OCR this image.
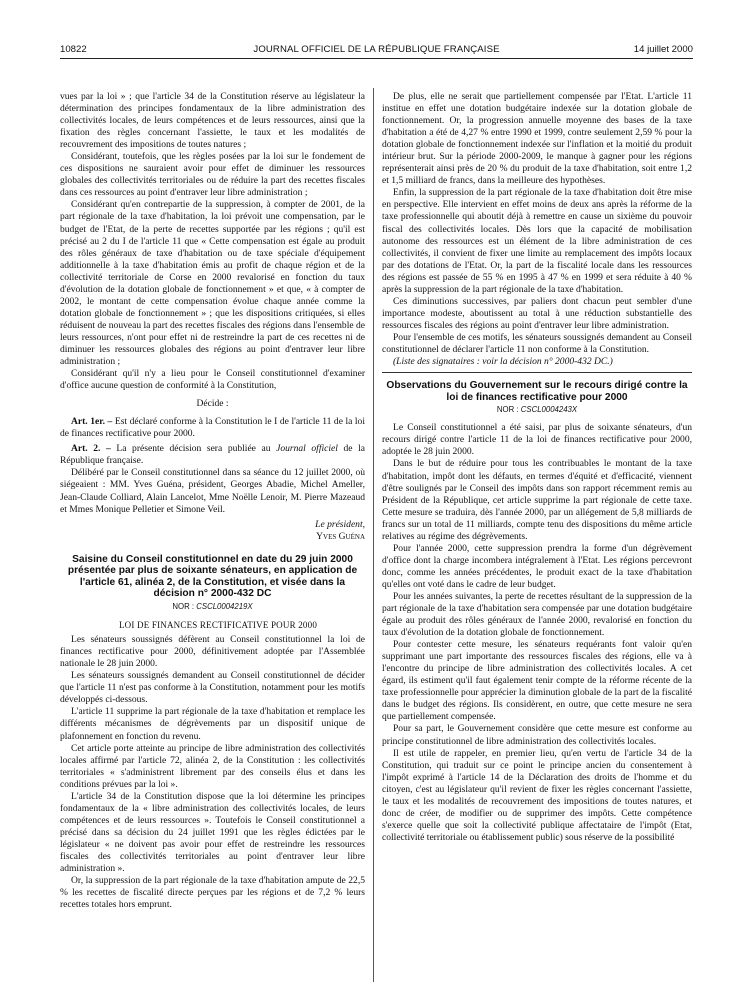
10822	JOURNAL OFFICIEL DE LA RÉPUBLIQUE FRANÇAISE	14 juillet 2000

vues par la loi » ; que l'article 34 de la Constitution réserve au législateur la détermination des principes fondamentaux de la libre administration des collectivités locales, de leurs compétences et de leurs ressources, ainsi que la fixation des règles concernant l'assiette, le taux et les modalités de recouvrement des impositions de toutes natures ;

Considérant, toutefois, que les règles posées par la loi sur le fondement de ces dispositions ne sauraient avoir pour effet de diminuer les ressources globales des collectivités territoriales ou de réduire la part des recettes fiscales dans ces ressources au point d'entraver leur libre administration ;

Considérant qu'en contrepartie de la suppression, à compter de 2001, de la part régionale de la taxe d'habitation, la loi prévoit une compensation, par le budget de l'Etat, de la perte de recettes supportée par les régions ; qu'il est précisé au 2 du I de l'article 11 que « Cette compensation est égale au produit des rôles généraux de taxe d'habitation ou de taxe spéciale d'équipement additionnelle à la taxe d'habitation émis au profit de chaque région et de la collectivité territoriale de Corse en 2000 revalorisé en fonction du taux d'évolution de la dotation globale de fonctionnement » et que, « à compter de 2002, le montant de cette compensation évolue chaque année comme la dotation globale de fonctionnement » ; que les dispositions critiquées, si elles réduisent de nouveau la part des recettes fiscales des régions dans l'ensemble de leurs ressources, n'ont pour effet ni de restreindre la part de ces recettes ni de diminuer les ressources globales des régions au point d'entraver leur libre administration ;

Considérant qu'il n'y a lieu pour le Conseil constitutionnel d'examiner d'office aucune question de conformité à la Constitution,

Décide :

Art. 1er. – Est déclaré conforme à la Constitution le I de l'article 11 de la loi de finances rectificative pour 2000.

Art. 2. – La présente décision sera publiée au Journal officiel de la République française.

Délibéré par le Conseil constitutionnel dans sa séance du 12 juillet 2000, où siégeaient : MM. Yves Guéna, président, Georges Abadie, Michel Ameller, Jean-Claude Colliard, Alain Lancelot, Mme Noëlle Lenoir, M. Pierre Mazeaud et Mmes Monique Pelletier et Simone Veil.

Le président,

Yves Guéna

Saisine du Conseil constitutionnel en date du 29 juin 2000 présentée par plus de soixante sénateurs, en application de l'article 61, alinéa 2, de la Constitution, et visée dans la décision n° 2000-432 DC

NOR : CSCL0004219X

LOI DE FINANCES RECTIFICATIVE POUR 2000

Les sénateurs soussignés défèrent au Conseil constitutionnel la loi de finances rectificative pour 2000, définitivement adoptée par l'Assemblée nationale le 28 juin 2000.

Les sénateurs soussignés demandent au Conseil constitutionnel de décider que l'article 11 n'est pas conforme à la Constitution, notamment pour les motifs développés ci-dessous.

L'article 11 supprime la part régionale de la taxe d'habitation et remplace les différents mécanismes de dégrèvements par un dispositif unique de plafonnement en fonction du revenu.

Cet article porte atteinte au principe de libre administration des collectivités locales affirmé par l'article 72, alinéa 2, de la Constitution : les collectivités territoriales « s'administrent librement par des conseils élus et dans les conditions prévues par la loi ».

L'article 34 de la Constitution dispose que la loi détermine les principes fondamentaux de la « libre administration des collectivités locales, de leurs compétences et de leurs ressources ». Toutefois le Conseil constitutionnel a précisé dans sa décision du 24 juillet 1991 que les règles édictées par le législateur « ne doivent pas avoir pour effet de restreindre les ressources fiscales des collectivités territoriales au point d'entraver leur libre administration ».

Or, la suppression de la part régionale de la taxe d'habitation ampute de 22,5 % les recettes de fiscalité directe perçues par les régions et de 7,2 % leurs recettes totales hors emprunt.

De plus, elle ne serait que partiellement compensée par l'Etat. L'article 11 institue en effet une dotation budgétaire indexée sur la dotation globale de fonctionnement. Or, la progression annuelle moyenne des bases de la taxe d'habitation a été de 4,27 % entre 1990 et 1999, contre seulement 2,59 % pour la dotation globale de fonctionnement indexée sur l'inflation et la moitié du produit intérieur brut. Sur la période 2000-2009, le manque à gagner pour les régions représenterait ainsi près de 20 % du produit de la taxe d'habitation, soit entre 1,2 et 1,5 milliard de francs, dans la meilleure des hypothèses.

Enfin, la suppression de la part régionale de la taxe d'habitation doit être mise en perspective. Elle intervient en effet moins de deux ans après la réforme de la taxe professionnelle qui aboutit déjà à remettre en cause un sixième du pouvoir fiscal des collectivités locales. Dès lors que la capacité de mobilisation autonome des ressources est un élément de la libre administration de ces collectivités, il convient de fixer une limite au remplacement des impôts locaux par des dotations de l'Etat. Or, la part de la fiscalité locale dans les ressources des régions est passée de 55 % en 1995 à 47 % en 1999 et sera réduite à 40 % après la suppression de la part régionale de la taxe d'habitation.

Ces diminutions successives, par paliers dont chacun peut sembler d'une importance modeste, aboutissent au total à une réduction substantielle des ressources fiscales des régions au point d'entraver leur libre administration.

Pour l'ensemble de ces motifs, les sénateurs soussignés demandent au Conseil constitutionnel de déclarer l'article 11 non conforme à la Constitution.

(Liste des signataires : voir la décision n° 2000-432 DC.)

Observations du Gouvernement sur le recours dirigé contre la loi de finances rectificative pour 2000

NOR : CSCL0004243X

Le Conseil constitutionnel a été saisi, par plus de soixante sénateurs, d'un recours dirigé contre l'article 11 de la loi de finances rectificative pour 2000, adoptée le 28 juin 2000.

Dans le but de réduire pour tous les contribuables le montant de la taxe d'habitation, impôt dont les défauts, en termes d'équité et d'efficacité, viennent d'être soulignés par le Conseil des impôts dans son rapport récemment remis au Président de la République, cet article supprime la part régionale de cette taxe. Cette mesure se traduira, dès l'année 2000, par un allégement de 5,8 milliards de francs sur un total de 11 milliards, compte tenu des dispositions du même article relatives au régime des dégrèvements.

Pour l'année 2000, cette suppression prendra la forme d'un dégrèvement d'office dont la charge incombera intégralement à l'Etat. Les régions percevront donc, comme les années précédentes, le produit exact de la taxe d'habitation qu'elles ont voté dans le cadre de leur budget.

Pour les années suivantes, la perte de recettes résultant de la suppression de la part régionale de la taxe d'habitation sera compensée par une dotation budgétaire égale au produit des rôles généraux de l'année 2000, revalorisé en fonction du taux d'évolution de la dotation globale de fonctionnement.

Pour contester cette mesure, les sénateurs requérants font valoir qu'en supprimant une part importante des ressources fiscales des régions, elle va à l'encontre du principe de libre administration des collectivités locales. A cet égard, ils estiment qu'il faut également tenir compte de la réforme récente de la taxe professionnelle pour apprécier la diminution globale de la part de la fiscalité dans le budget des régions. Ils considèrent, en outre, que cette mesure ne sera que partiellement compensée.

Pour sa part, le Gouvernement considère que cette mesure est conforme au principe constitutionnel de libre administration des collectivités locales.

Il est utile de rappeler, en premier lieu, qu'en vertu de l'article 34 de la Constitution, qui traduit sur ce point le principe ancien du consentement à l'impôt exprimé à l'article 14 de la Déclaration des droits de l'homme et du citoyen, c'est au législateur qu'il revient de fixer les règles concernant l'assiette, le taux et les modalités de recouvrement des impositions de toutes natures, et donc de créer, de modifier ou de supprimer des impôts. Cette compétence s'exerce quelle que soit la collectivité publique affectataire de l'impôt (Etat, collectivité territoriale ou établissement public) sous réserve de la possibilité
